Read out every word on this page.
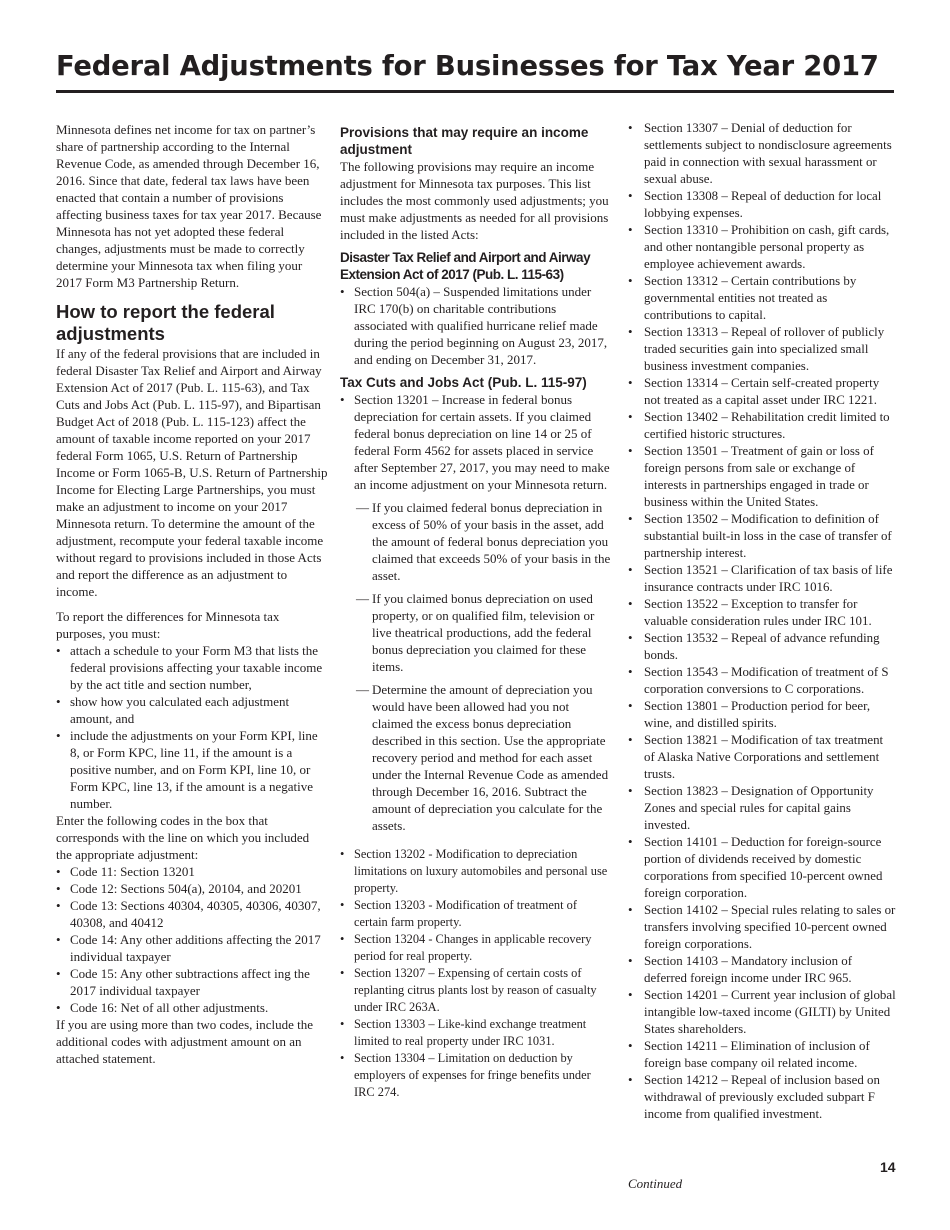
Federal Adjustments for Businesses for Tax Year 2017

Minnesota defines net income for tax on partner’s share of partnership according to the Internal Revenue Code, as amended through December 16, 2016. Since that date, federal tax laws have been enacted that contain a number of provisions affecting business taxes for tax year 2017. Because Minnesota has not yet adopted these federal changes, adjustments must be made to correctly determine your Minnesota tax when filing your 2017 Form M3 Partnership Return.

How to report the federal adjustments

If any of the federal provisions that are included in federal Disaster Tax Relief and Airport and Airway Extension Act of 2017 (Pub. L. 115-63), and Tax Cuts and Jobs Act (Pub. L. 115-97), and Bipartisan Budget Act of 2018 (Pub. L. 115-123) affect the amount of taxable income reported on your 2017 federal Form 1065, U.S. Return of Partnership Income or Form 1065-B, U.S. Return of Partnership Income for Electing Large Partnerships, you must make an adjustment to income on your 2017 Minnesota return. To determine the amount of the adjustment, recompute your federal taxable income without regard to provisions included in those Acts and report the difference as an adjustment to income.

To report the differences for Minnesota tax purposes, you must:

• attach a schedule to your Form M3 that lists the federal provisions affecting your taxable income by the act title and section number,
• show how you calculated each adjustment amount, and
• include the adjustments on your Form KPI, line 8, or Form KPC, line 11, if the amount is a positive number, and on Form KPI, line 10, or Form KPC, line 13, if the amount is a negative number.

Enter the following codes in the box that corresponds with the line on which you included the appropriate adjustment:

• Code 11: Section 13201
• Code 12: Sections 504(a), 20104, and 20201
• Code 13: Sections 40304, 40305, 40306, 40307, 40308, and 40412
• Code 14: Any other additions affecting the 2017 individual taxpayer
• Code 15: Any other subtractions affect ing the 2017 individual taxpayer
• Code 16: Net of all other adjustments.

If you are using more than two codes, include the additional codes with adjustment amount on an attached statement.

Provisions that may require an income adjustment

The following provisions may require an income adjustment for Minnesota tax purposes. This list includes the most commonly used adjustments; you must make adjustments as needed for all provisions included in the listed Acts:

Disaster Tax Relief and Airport and Airway Extension Act of 2017 (Pub. L. 115-63)

• Section 504(a) – Suspended limitations under IRC 170(b) on charitable contributions associated with qualified hurricane relief made during the period beginning on August 23, 2017, and ending on December 31, 2017.

Tax Cuts and Jobs Act (Pub. L. 115-97)

• Section 13201 – Increase in federal bonus depreciation for certain assets. If you claimed federal bonus depreciation on line 14 or 25 of federal Form 4562 for assets placed in service after September 27, 2017, you may need to make an income adjustment on your Minnesota return.
— If you claimed federal bonus depreciation in excess of 50% of your basis in the asset, add the amount of federal bonus depreciation you claimed that exceeds 50% of your basis in the asset.
— If you claimed bonus depreciation on used property, or on qualified film, television or live theatrical productions, add the federal bonus depreciation you claimed for these items.
— Determine the amount of depreciation you would have been allowed had you not claimed the excess bonus depreciation described in this section. Use the appropriate recovery period and method for each asset under the Internal Revenue Code as amended through December 16, 2016. Subtract the amount of depreciation you calculate for the assets.
• Section 13202 - Modification to depreciation limitations on luxury automobiles and personal use property.
• Section 13203 - Modification of treatment of certain farm property.
• Section 13204 - Changes in applicable recovery period for real property.
• Section 13207 – Expensing of certain costs of replanting citrus plants lost by reason of casualty under IRC 263A.
• Section 13303 – Like-kind exchange treatment limited to real property under IRC 1031.
• Section 13304 – Limitation on deduction by employers of expenses for fringe benefits under IRC 274.
• Section 13307 – Denial of deduction for settlements subject to nondisclosure agreements paid in connection with sexual harassment or sexual abuse.
• Section 13308 – Repeal of deduction for local lobbying expenses.
• Section 13310 – Prohibition on cash, gift cards, and other nontangible personal property as employee achievement awards.
• Section 13312 – Certain contributions by governmental entities not treated as contributions to capital.
• Section 13313 – Repeal of rollover of publicly traded securities gain into specialized small business investment companies.
• Section 13314 – Certain self-created property not treated as a capital asset under IRC 1221.
• Section 13402 – Rehabilitation credit limited to certified historic structures.
• Section 13501 – Treatment of gain or loss of foreign persons from sale or exchange of interests in partnerships engaged in trade or business within the United States.
• Section 13502 – Modification to definition of substantial built-in loss in the case of transfer of partnership interest.
• Section 13521 – Clarification of tax basis of life insurance contracts under IRC 1016.
• Section 13522 – Exception to transfer for valuable consideration rules under IRC 101.
• Section 13532 – Repeal of advance refunding bonds.
• Section 13543 – Modification of treatment of S corporation conversions to C corporations.
• Section 13801 – Production period for beer, wine, and distilled spirits.
• Section 13821 – Modification of tax treatment of Alaska Native Corporations and settlement trusts.
• Section 13823 – Designation of Opportunity Zones and special rules for capital gains invested.
• Section 14101 – Deduction for foreign-source portion of dividends received by domestic corporations from specified 10-percent owned foreign corporation.
• Section 14102 – Special rules relating to sales or transfers involving specified 10-percent owned foreign corporations.
• Section 14103 – Mandatory inclusion of deferred foreign income under IRC 965.
• Section 14201 – Current year inclusion of global intangible low-taxed income (GILTI) by United States shareholders.
• Section 14211 – Elimination of inclusion of foreign base company oil related income.
• Section 14212 – Repeal of inclusion based on withdrawal of previously excluded subpart F income from qualified investment.
14
Continued
